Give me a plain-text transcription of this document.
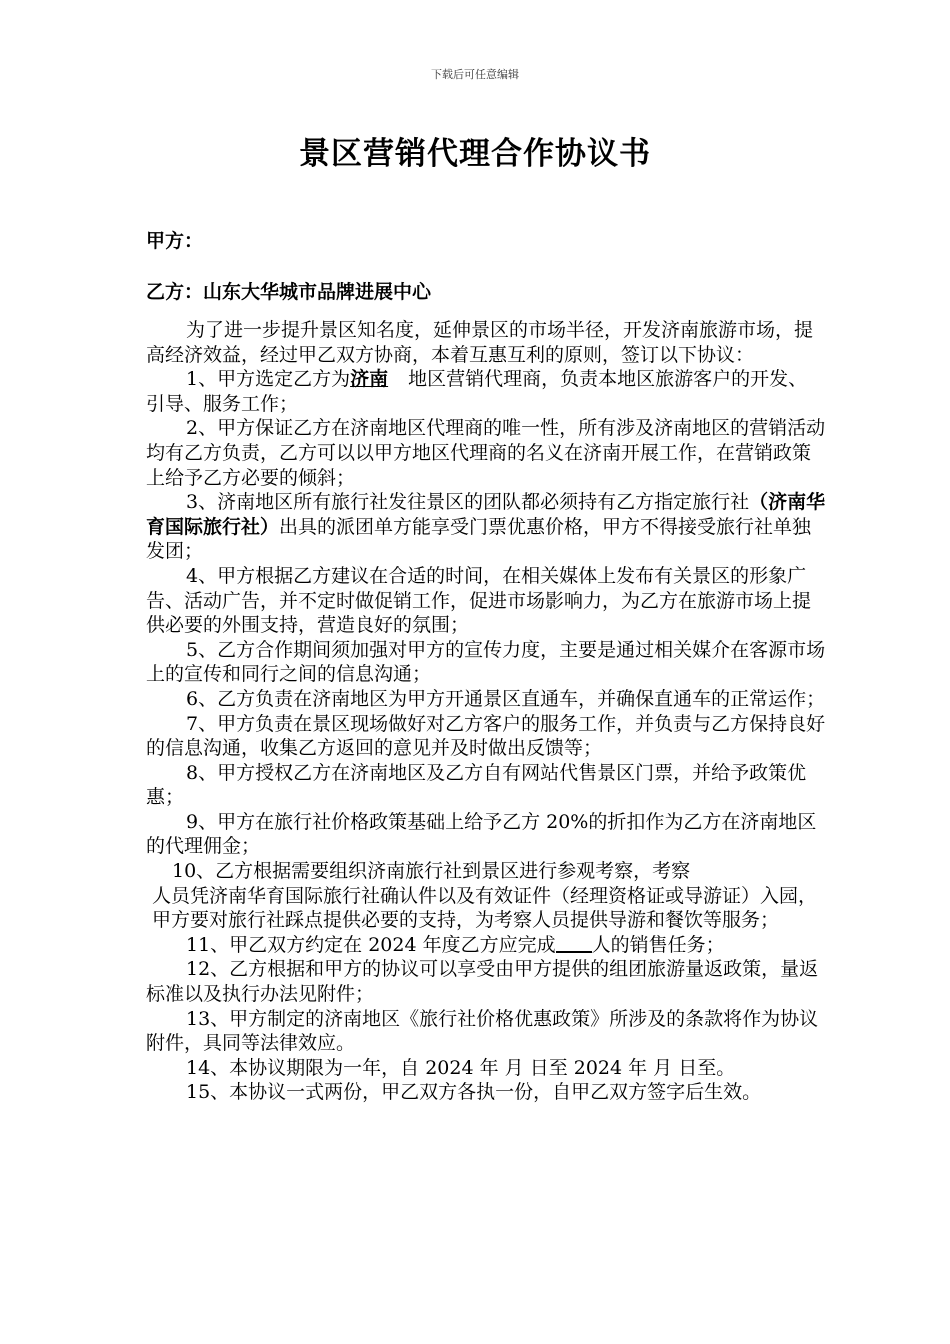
下载后可任意编辑
景区营销代理合作协议书
甲方：
乙方：山东大华城市品牌进展中心

为了进一步提升景区知名度，延伸景区的市场半径，开发济南旅游市场，提高经济效益，经过甲乙双方协商，本着互惠互利的原则，签订以下协议：

1、甲方选定乙方为济南 地区营销代理商，负责本地区旅游客户的开发、引导、服务工作；

2、甲方保证乙方在济南地区代理商的唯一性，所有涉及济南地区的营销活动均有乙方负责，乙方可以以甲方地区代理商的名义在济南开展工作，在营销政策上给予乙方必要的倾斜；

3、济南地区所有旅行社发往景区的团队都必须持有乙方指定旅行社（济南华育国际旅行社）出具的派团单方能享受门票优惠价格，甲方不得接受旅行社单独发团；

4、甲方根据乙方建议在合适的时间，在相关媒体上发布有关景区的形象广告、活动广告，并不定时做促销工作，促进市场影响力，为乙方在旅游市场上提供必要的外围支持，营造良好的氛围；

5、乙方合作期间须加强对甲方的宣传力度，主要是通过相关媒介在客源市场上的宣传和同行之间的信息沟通；

6、乙方负责在济南地区为甲方开通景区直通车，并确保直通车的正常运作；

7、甲方负责在景区现场做好对乙方客户的服务工作，并负责与乙方保持良好的信息沟通，收集乙方返回的意见并及时做出反馈等；

8、甲方授权乙方在济南地区及乙方自有网站代售景区门票，并给予政策优惠；

9、甲方在旅行社价格政策基础上给予乙方 20%的折扣作为乙方在济南地区的代理佣金；

10、乙方根据需要组织济南旅行社到景区进行参观考察，考察

人员凭济南华育国际旅行社确认件以及有效证件（经理资格证或导游证）入园，甲方要对旅行社踩点提供必要的支持，为考察人员提供导游和餐饮等服务；

11、甲乙双方约定在 2024 年度乙方应完成 人的销售任务；

12、乙方根据和甲方的协议可以享受由甲方提供的组团旅游量返政策，量返标准以及执行办法见附件；

13、甲方制定的济南地区《旅行社价格优惠政策》所涉及的条款将作为协议附件，具同等法律效应。

14、本协议期限为一年，自 2024 年 月 日至 2024 年 月 日至。

15、本协议一式两份，甲乙双方各执一份，自甲乙双方签字后生效。
